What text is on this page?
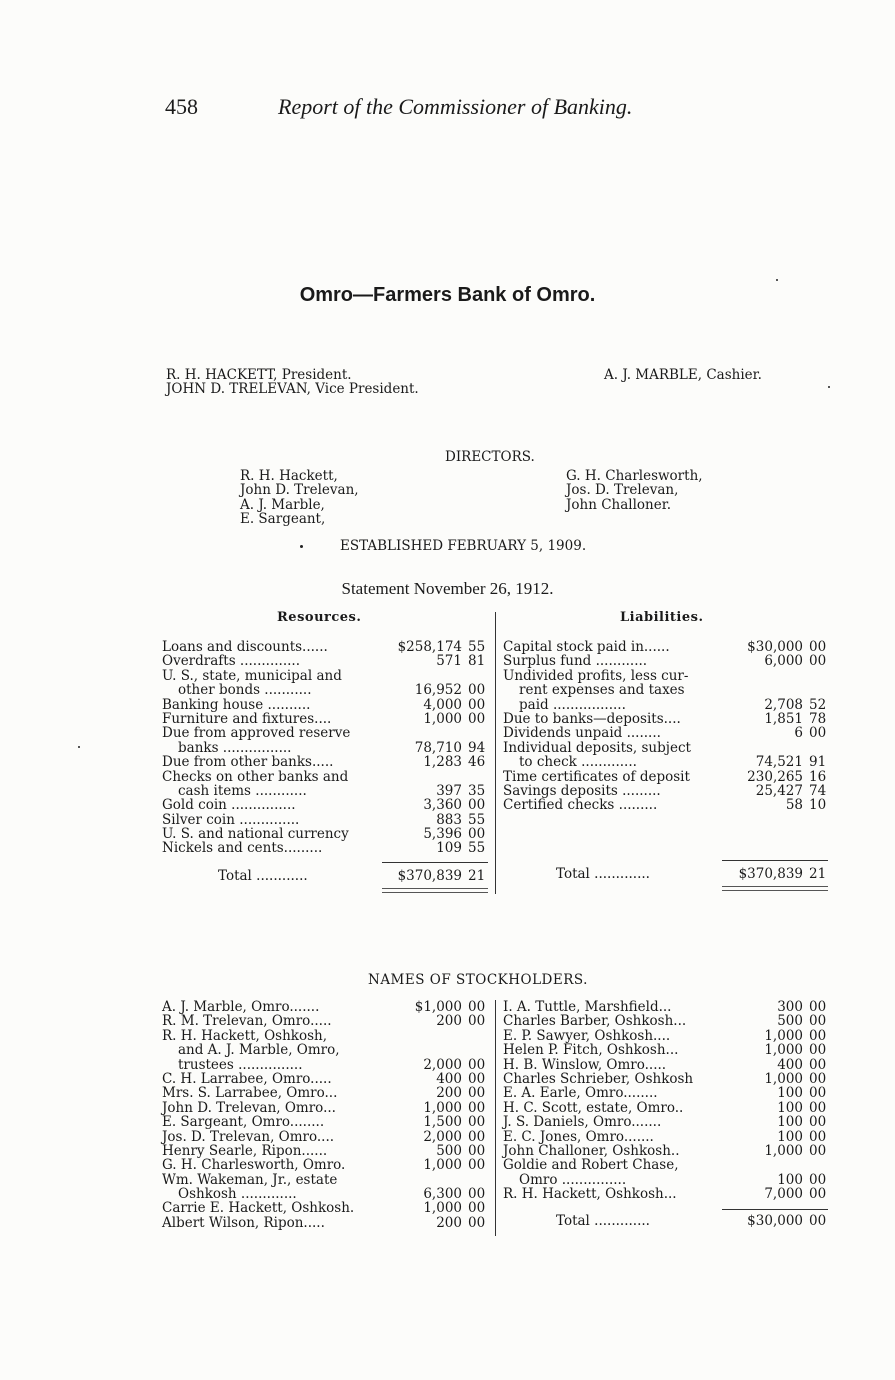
458	Report of the Commissioner of Banking.
Omro—Farmers Bank of Omro.
R. H. HACKETT, President.
JOHN D. TRELEVAN, Vice President.
A. J. MARBLE, Cashier.
DIRECTORS.
R. H. Hackett,
John D. Trelevan,
A. J. Marble,
E. Sargeant,
G. H. Charlesworth,
Jos. D. Trelevan,
John Challoner.
ESTABLISHED FEBRUARY 5, 1909.
Statement November 26, 1912.
Resources.	Liabilities.
Loans and discounts......	$258,174 55
Overdrafts ..............	571 81
U. S., state, municipal and
other bonds ...........	16,952 00
Banking house ..........	4,000 00
Furniture and fixtures....	1,000 00
Due from approved reserve
banks ................	78,710 94
Due from other banks.....	1,283 46
Checks on other banks and
cash items ............	397 35
Gold coin ...............	3,360 00
Silver coin ..............	883 55
U. S. and national currency	5,396 00
Nickels and cents.........	109 55
Capital stock paid in......	$30,000 00
Surplus fund ............	6,000 00
Undivided profits, less cur-
rent expenses and taxes
paid .................	2,708 52
Due to banks—deposits....	1,851 78
Dividends unpaid ........	6 00
Individual deposits, subject
to check .............	74,521 91
Time certificates of deposit	230,265 16
Savings deposits .........	25,427 74
Certified checks .........	58 10
Total ............	$370,839 21	Total .............	$370,839 21
NAMES OF STOCKHOLDERS.
A. J. Marble, Omro.......	$1,000 00
R. M. Trelevan, Omro.....	200 00
R. H. Hackett, Oshkosh,
and A. J. Marble, Omro,
trustees ...............	2,000 00
C. H. Larrabee, Omro.....	400 00
Mrs. S. Larrabee, Omro...	200 00
John D. Trelevan, Omro...	1,000 00
E. Sargeant, Omro........	1,500 00
Jos. D. Trelevan, Omro....	2,000 00
Henry Searle, Ripon......	500 00
G. H. Charlesworth, Omro.	1,000 00
Wm. Wakeman, Jr., estate
Oshkosh .............	6,300 00
Carrie E. Hackett, Oshkosh.	1,000 00
Albert Wilson, Ripon.....	200 00
I. A. Tuttle, Marshfield...	300 00
Charles Barber, Oshkosh...	500 00
E. P. Sawyer, Oshkosh....	1,000 00
Helen P. Fitch, Oshkosh...	1,000 00
H. B. Winslow, Omro.....	400 00
Charles Schrieber, Oshkosh	1,000 00
E. A. Earle, Omro........	100 00
H. C. Scott, estate, Omro..	100 00
J. S. Daniels, Omro.......	100 00
E. C. Jones, Omro.......	100 00
John Challoner, Oshkosh..	1,000 00
Goldie and Robert Chase,
Omro ...............	100 00
R. H. Hackett, Oshkosh...	7,000 00
Total .............	$30,000 00
